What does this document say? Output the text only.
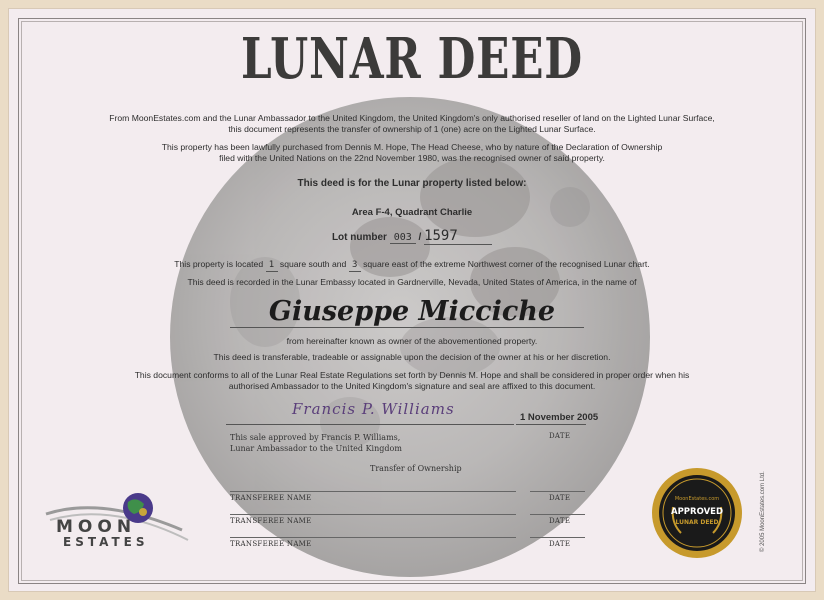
LUNAR DEED
From MoonEstates.com and the Lunar Ambassador to the United Kingdom, the United Kingdom's only authorised reseller of land on the Lighted Lunar Surface,
this document represents the transfer of ownership of 1 (one) acre on the Lighted Lunar Surface.
This property has been lawfully purchased from Dennis M. Hope, The Head Cheese, who by nature of the Declaration of Ownership
filed with the United Nations on the 22nd November 1980, was the recognised owner of said property.
This deed is for the Lunar property listed below:
Area F-4, Quadrant Charlie
Lot number 003 / 1597
This property is located 1 square south and 3 square east of the extreme Northwest corner of the recognised Lunar chart.
This deed is recorded in the Lunar Embassy located in Gardnerville, Nevada, United States of America, in the name of
Giuseppe Micciche
from hereinafter known as owner of the abovementioned property.
This deed is transferable, tradeable or assignable upon the decision of the owner at his or her discretion.
This document conforms to all of the Lunar Real Estate Regulations set forth by Dennis M. Hope and shall be considered in proper order when his
authorised Ambassador to the United Kingdom's signature and seal are affixed to this document.
Francis P. Williams	1 November 2005
DATE
This sale approved by Francis P. Williams,
Lunar Ambassador to the United Kingdom
Transfer of Ownership
TRANSFEREE NAME	DATE
TRANSFEREE NAME	DATE
TRANSFEREE NAME	DATE
MOON
ESTATES
MoonEstates.com
APPROVED
LUNAR DEED	© 2005 MoonEstates.com Ltd.
